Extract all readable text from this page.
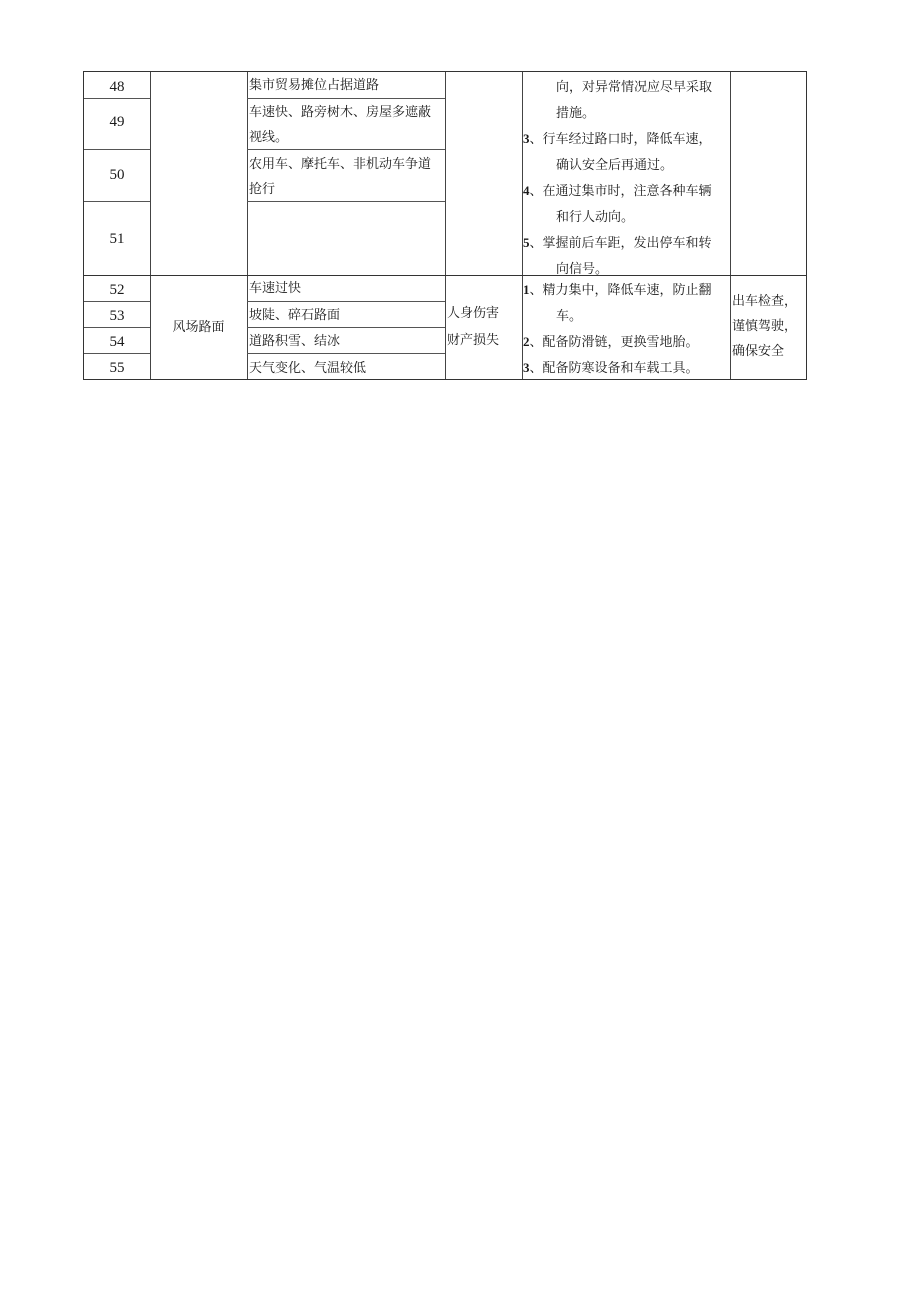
48
49
50
51
集市贸易摊位占据道路
车速快、路旁树木、房屋多遮蔽
视线。
农用车、摩托车、非机动车争道
抢行
向，对异常情况应尽早采取
措施。
3、行车经过路口时，降低车速，
确认安全后再通过。
4、在通过集市时，注意各种车辆
和行人动向。
5、掌握前后车距，发出停车和转
向信号。
52
53
54
55
风场路面
车速过快
坡陡、碎石路面
道路积雪、结冰
天气变化、气温较低
人身伤害
财产损失
1、精力集中，降低车速，防止翻
车。
2、配备防滑链，更换雪地胎。
3、配备防寒设备和车载工具。
出车检查，
谨慎驾驶，
确保安全
